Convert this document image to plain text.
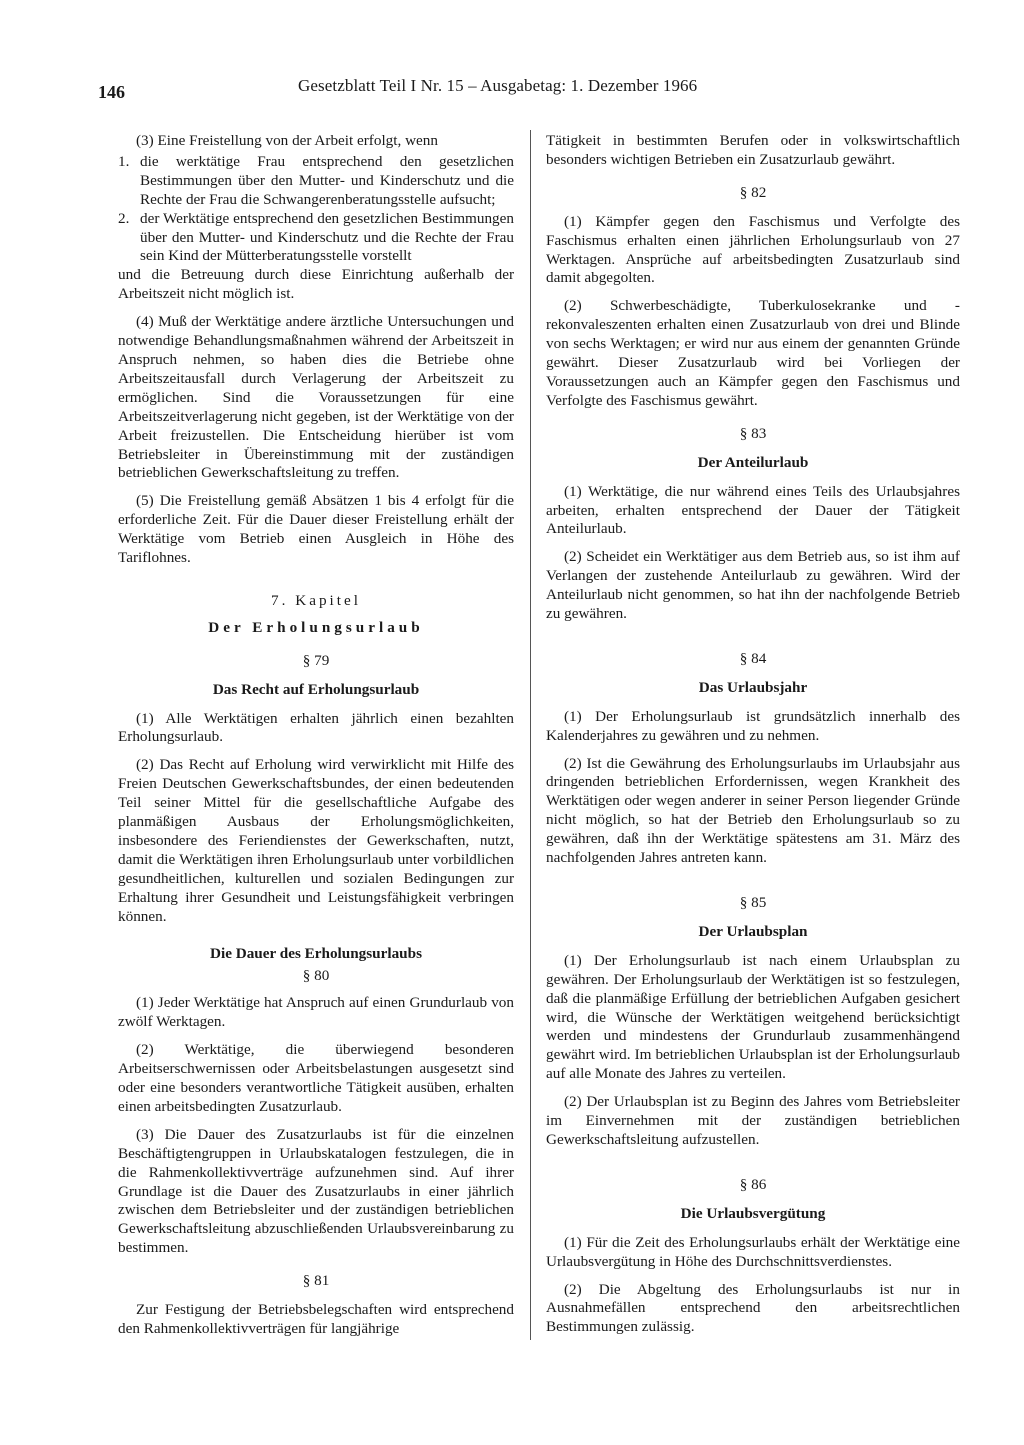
146	Gesetzblatt Teil I Nr. 15 – Ausgabetag: 1. Dezember 1966

(3) Eine Freistellung von der Arbeit erfolgt, wenn

1. die werktätige Frau entsprechend den gesetzlichen Bestimmungen über den Mutter- und Kinderschutz und die Rechte der Frau die Schwangerenberatungsstelle aufsucht;
2. der Werktätige entsprechend den gesetzlichen Bestimmungen über den Mutter- und Kinderschutz und die Rechte der Frau sein Kind der Mütterberatungsstelle vorstellt

und die Betreuung durch diese Einrichtung außerhalb der Arbeitszeit nicht möglich ist.

(4) Muß der Werktätige andere ärztliche Untersuchungen und notwendige Behandlungsmaßnahmen während der Arbeitszeit in Anspruch nehmen, so haben dies die Betriebe ohne Arbeitszeitausfall durch Verlagerung der Arbeitszeit zu ermöglichen. Sind die Voraussetzungen für eine Arbeitszeitverlagerung nicht gegeben, ist der Werktätige von der Arbeit freizustellen. Die Entscheidung hierüber ist vom Betriebsleiter in Übereinstimmung mit der zuständigen betrieblichen Gewerkschaftsleitung zu treffen.

(5) Die Freistellung gemäß Absätzen 1 bis 4 erfolgt für die erforderliche Zeit. Für die Dauer dieser Freistellung erhält der Werktätige vom Betrieb einen Ausgleich in Höhe des Tariflohnes.

7. Kapitel
Der Erholungsurlaub
§ 79
Das Recht auf Erholungsurlaub

(1) Alle Werktätigen erhalten jährlich einen bezahlten Erholungsurlaub.

(2) Das Recht auf Erholung wird verwirklicht mit Hilfe des Freien Deutschen Gewerkschaftsbundes, der einen bedeutenden Teil seiner Mittel für die gesellschaftliche Aufgabe des planmäßigen Ausbaus der Erholungsmöglichkeiten, insbesondere des Feriendienstes der Gewerkschaften, nutzt, damit die Werktätigen ihren Erholungsurlaub unter vorbildlichen gesundheitlichen, kulturellen und sozialen Bedingungen zur Erhaltung ihrer Gesundheit und Leistungsfähigkeit verbringen können.

Die Dauer des Erholungsurlaubs
§ 80

(1) Jeder Werktätige hat Anspruch auf einen Grundurlaub von zwölf Werktagen.

(2) Werktätige, die überwiegend besonderen Arbeitserschwernissen oder Arbeitsbelastungen ausgesetzt sind oder eine besonders verantwortliche Tätigkeit ausüben, erhalten einen arbeitsbedingten Zusatzurlaub.

(3) Die Dauer des Zusatzurlaubs ist für die einzelnen Beschäftigtengruppen in Urlaubskatalogen festzulegen, die in die Rahmenkollektivverträge aufzunehmen sind. Auf ihrer Grundlage ist die Dauer des Zusatzurlaubs in einer jährlich zwischen dem Betriebsleiter und der zuständigen betrieblichen Gewerkschaftsleitung abzuschließenden Urlaubsvereinbarung zu bestimmen.

§ 81

Zur Festigung der Betriebsbelegschaften wird entsprechend den Rahmenkollektivverträgen für langjährige

Tätigkeit in bestimmten Berufen oder in volkswirtschaftlich besonders wichtigen Betrieben ein Zusatzurlaub gewährt.

§ 82

(1) Kämpfer gegen den Faschismus und Verfolgte des Faschismus erhalten einen jährlichen Erholungsurlaub von 27 Werktagen. Ansprüche auf arbeitsbedingten Zusatzurlaub sind damit abgegolten.

(2) Schwerbeschädigte, Tuberkulosekranke und -rekonvaleszenten erhalten einen Zusatzurlaub von drei und Blinde von sechs Werktagen; er wird nur aus einem der genannten Gründe gewährt. Dieser Zusatzurlaub wird bei Vorliegen der Voraussetzungen auch an Kämpfer gegen den Faschismus und Verfolgte des Faschismus gewährt.

§ 83
Der Anteilurlaub

(1) Werktätige, die nur während eines Teils des Urlaubsjahres arbeiten, erhalten entsprechend der Dauer der Tätigkeit Anteilurlaub.

(2) Scheidet ein Werktätiger aus dem Betrieb aus, so ist ihm auf Verlangen der zustehende Anteilurlaub zu gewähren. Wird der Anteilurlaub nicht genommen, so hat ihn der nachfolgende Betrieb zu gewähren.

§ 84
Das Urlaubsjahr

(1) Der Erholungsurlaub ist grundsätzlich innerhalb des Kalenderjahres zu gewähren und zu nehmen.

(2) Ist die Gewährung des Erholungsurlaubs im Urlaubsjahr aus dringenden betrieblichen Erfordernissen, wegen Krankheit des Werktätigen oder wegen anderer in seiner Person liegender Gründe nicht möglich, so hat der Betrieb den Erholungsurlaub so zu gewähren, daß ihn der Werktätige spätestens am 31. März des nachfolgenden Jahres antreten kann.

§ 85
Der Urlaubsplan

(1) Der Erholungsurlaub ist nach einem Urlaubsplan zu gewähren. Der Erholungsurlaub der Werktätigen ist so festzulegen, daß die planmäßige Erfüllung der betrieblichen Aufgaben gesichert wird, die Wünsche der Werktätigen weitgehend berücksichtigt werden und mindestens der Grundurlaub zusammenhängend gewährt wird. Im betrieblichen Urlaubsplan ist der Erholungsurlaub auf alle Monate des Jahres zu verteilen.

(2) Der Urlaubsplan ist zu Beginn des Jahres vom Betriebsleiter im Einvernehmen mit der zuständigen betrieblichen Gewerkschaftsleitung aufzustellen.

§ 86
Die Urlaubsvergütung

(1) Für die Zeit des Erholungsurlaubs erhält der Werktätige eine Urlaubsvergütung in Höhe des Durchschnittsverdienstes.

(2) Die Abgeltung des Erholungsurlaubs ist nur in Ausnahmefällen entsprechend den arbeitsrechtlichen Bestimmungen zulässig.
